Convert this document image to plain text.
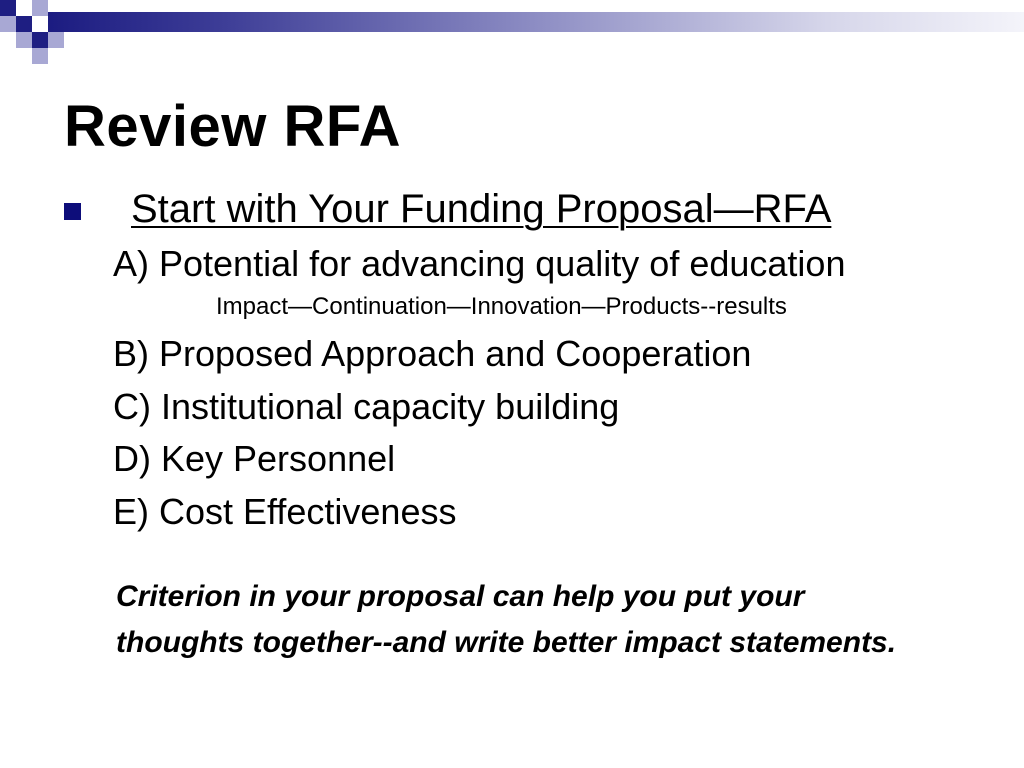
Review RFA
Start with Your Funding Proposal—RFA
A) Potential for advancing quality of education
Impact—Continuation—Innovation—Products--results
B) Proposed Approach and Cooperation
C) Institutional capacity building
D) Key Personnel
E) Cost Effectiveness
Criterion in your proposal can help you put your thoughts together--and write better impact statements.
